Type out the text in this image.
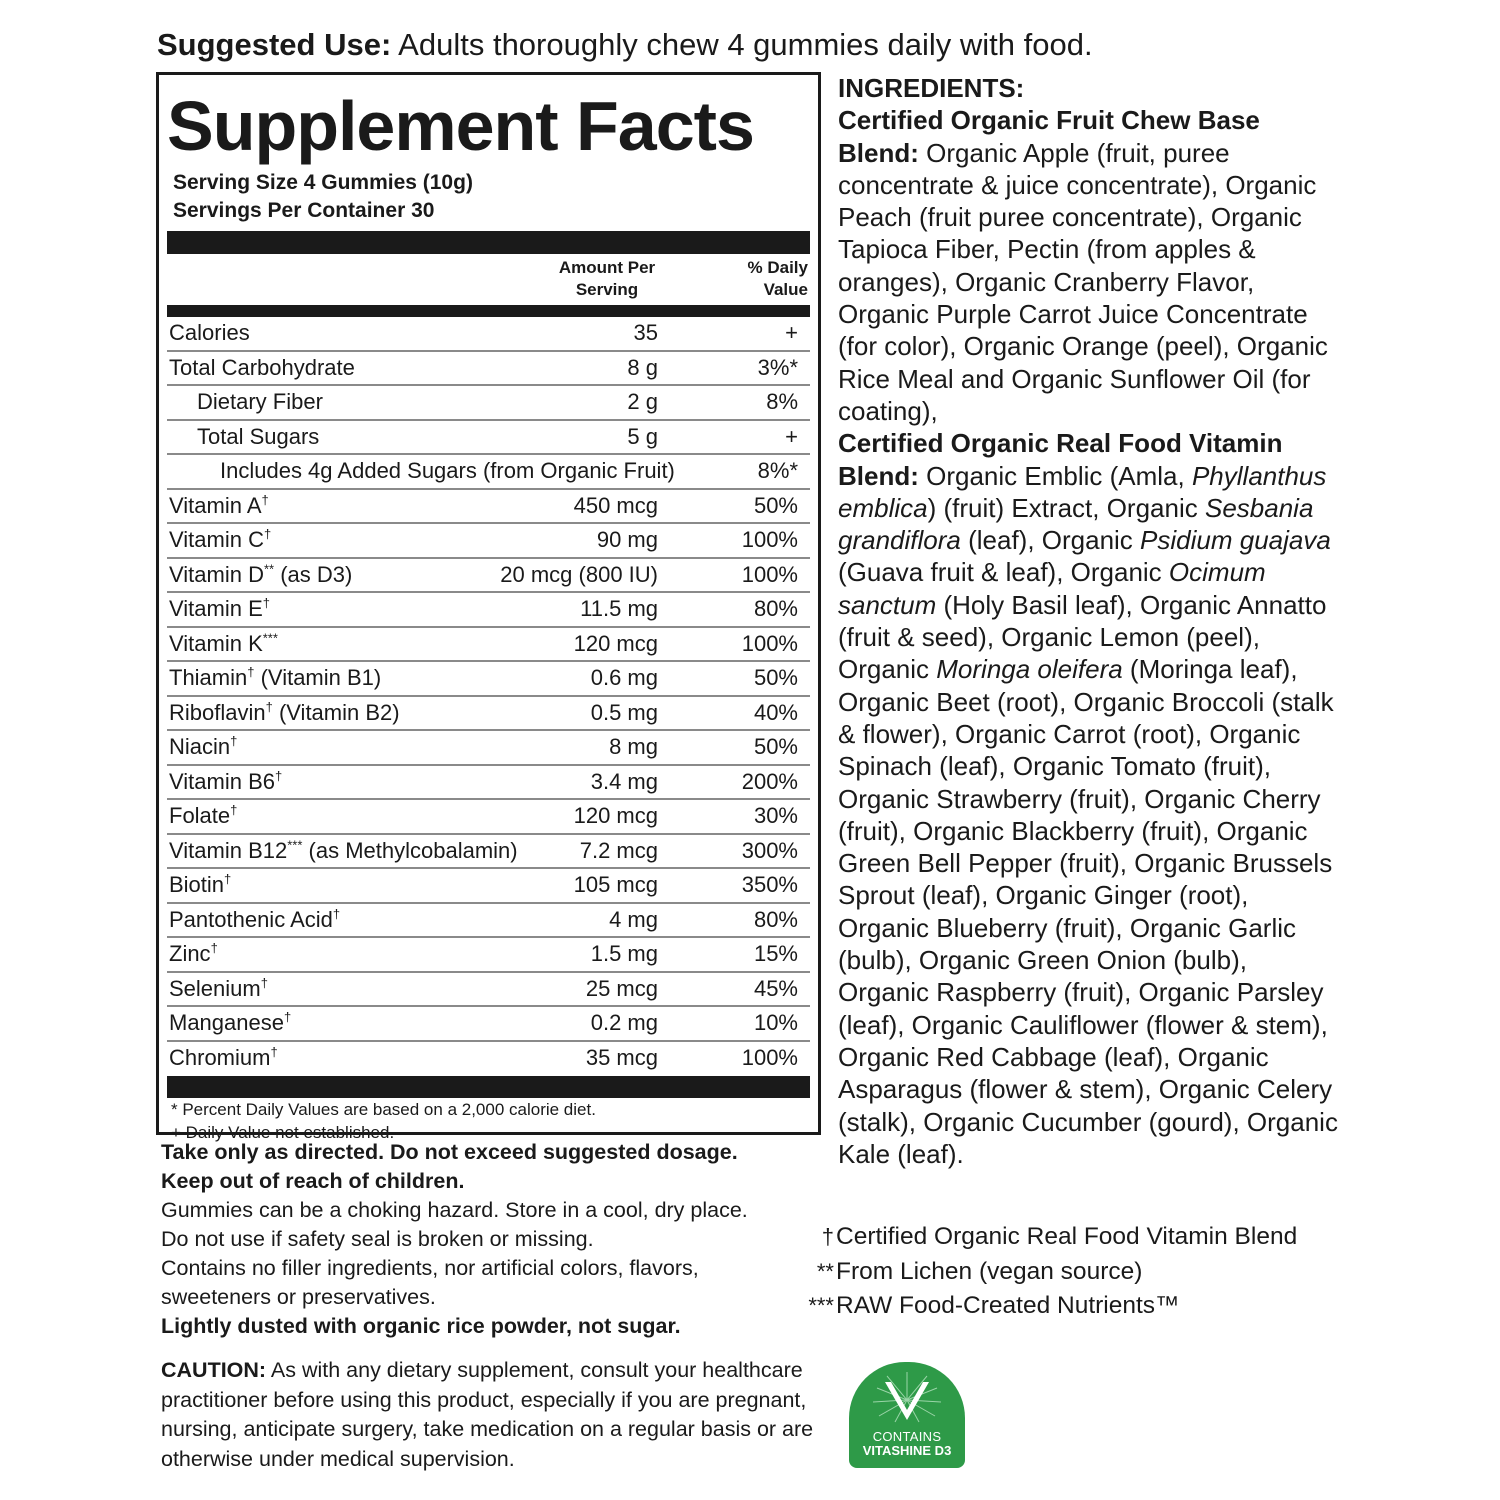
Suggested Use: Adults thoroughly chew 4 gummies daily with food.
Supplement Facts
Serving Size 4 Gummies (10g)
Servings Per Container 30
Amount Per
Serving
% Daily
Value
Calories	35	+
Total Carbohydrate	8 g	3%*
Dietary Fiber	2 g	8%
Total Sugars	5 g	+
Includes 4g Added Sugars (from Organic Fruit)	8%*
Vitamin A†	450 mcg	50%
Vitamin C†	90 mg	100%
Vitamin D** (as D3)	20 mcg (800 IU)	100%
Vitamin E†	11.5 mg	80%
Vitamin K***	120 mcg	100%
Thiamin† (Vitamin B1)	0.6 mg	50%
Riboflavin† (Vitamin B2)	0.5 mg	40%
Niacin†	8 mg	50%
Vitamin B6†	3.4 mg	200%
Folate†	120 mcg	30%
Vitamin B12*** (as Methylcobalamin)	7.2 mcg	300%
Biotin†	105 mcg	350%
Pantothenic Acid†	4 mg	80%
Zinc†	1.5 mg	15%
Selenium†	25 mcg	45%
Manganese†	0.2 mg	10%
Chromium†	35 mcg	100%
* Percent Daily Values are based on a 2,000 calorie diet.
+ Daily Value not established.
Take only as directed. Do not exceed suggested dosage.
Keep out of reach of children.
Gummies can be a choking hazard. Store in a cool, dry place.
Do not use if safety seal is broken or missing.
Contains no filler ingredients, nor artificial colors, flavors, sweeteners or preservatives.
Lightly dusted with organic rice powder, not sugar.
CAUTION: As with any dietary supplement, consult your healthcare practitioner before using this product, especially if you are pregnant, nursing, anticipate surgery, take medication on a regular basis or are otherwise under medical supervision.
INGREDIENTS:
Certified Organic Fruit Chew Base Blend: Organic Apple (fruit, puree concentrate & juice concentrate), Organic Peach (fruit puree concentrate), Organic Tapioca Fiber, Pectin (from apples & oranges), Organic Cranberry Flavor, Organic Purple Carrot Juice Concentrate (for color), Organic Orange (peel), Organic Rice Meal and Organic Sunflower Oil (for coating),
Certified Organic Real Food Vitamin Blend: Organic Emblic (Amla, Phyllanthus emblica) (fruit) Extract, Organic Sesbania grandiflora (leaf), Organic Psidium guajava (Guava fruit & leaf), Organic Ocimum sanctum (Holy Basil leaf), Organic Annatto (fruit & seed), Organic Lemon (peel), Organic Moringa oleifera (Moringa leaf), Organic Beet (root), Organic Broccoli (stalk & flower), Organic Carrot (root), Organic Spinach (leaf), Organic Tomato (fruit), Organic Strawberry (fruit), Organic Cherry (fruit), Organic Blackberry (fruit), Organic Green Bell Pepper (fruit), Organic Brussels Sprout (leaf), Organic Ginger (root), Organic Blueberry (fruit), Organic Garlic (bulb), Organic Green Onion (bulb), Organic Raspberry (fruit), Organic Parsley (leaf), Organic Cauliflower (flower & stem), Organic Red Cabbage (leaf), Organic Asparagus (flower & stem), Organic Celery (stalk), Organic Cucumber (gourd), Organic Kale (leaf).
† Certified Organic Real Food Vitamin Blend
** From Lichen (vegan source)
*** RAW Food-Created Nutrients™
CONTAINS
VITASHINE D3
